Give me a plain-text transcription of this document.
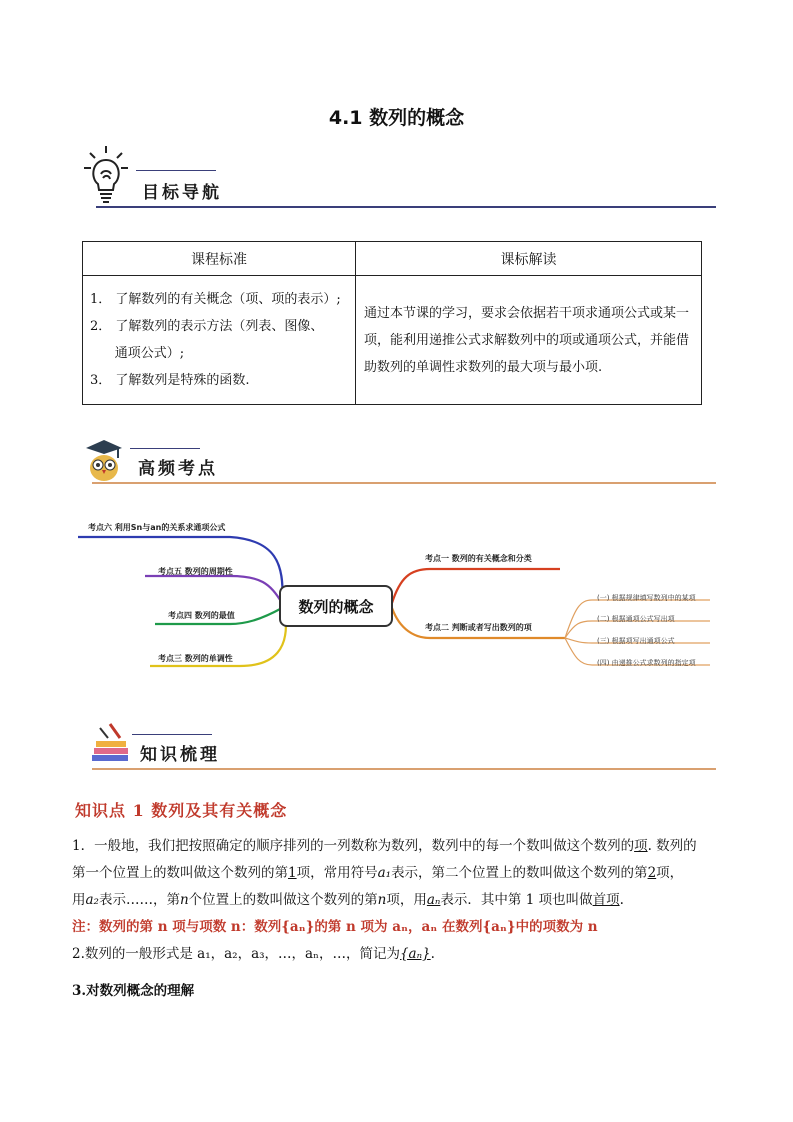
4.1 数列的概念
目标导航
课程标准	课标解读

1． 了解数列的有关概念（项、项的表示）;
2． 了解数列的表示方法（列表、图像、
通项公式）;
3． 了解数列是特殊的函数.	通过本节课的学习，要求会依据若干项求通项公式或某一项，能利用递推公式求解数列中的项或通项公式，并能借助数列的单调性求数列的最大项与最小项.
高频考点
数列的概念
考点六 利用Sn与an的关系求通项公式
考点五 数列的周期性
考点四 数列的最值
考点三 数列的单调性
考点一 数列的有关概念和分类
考点二 判断或者写出数列的项
(一) 根据规律填写数列中的某项
(二) 根据通项公式写出项
(三) 根据项写出通项公式
(四) 由递推公式求数列的指定项
知识梳理
知识点 1 数列及其有关概念
1．一般地，我们把按照确定的顺序排列的一列数称为数列，数列中的每一个数叫做这个数列的项. 数列的
第一个位置上的数叫做这个数列的第1项，常用符号a₁表示，第二个位置上的数叫做这个数列的第2项，
用a₂表示……，第n个位置上的数叫做这个数列的第n项，用aₙ表示．其中第 1 项也叫做首项.
注：数列的第 n 项与项数 n：数列{aₙ}的第 n 项为 aₙ，aₙ 在数列{aₙ}中的项数为 n
2.数列的一般形式是 a₁，a₂，a₃，…，aₙ，…，简记为{aₙ}.
3.对数列概念的理解
